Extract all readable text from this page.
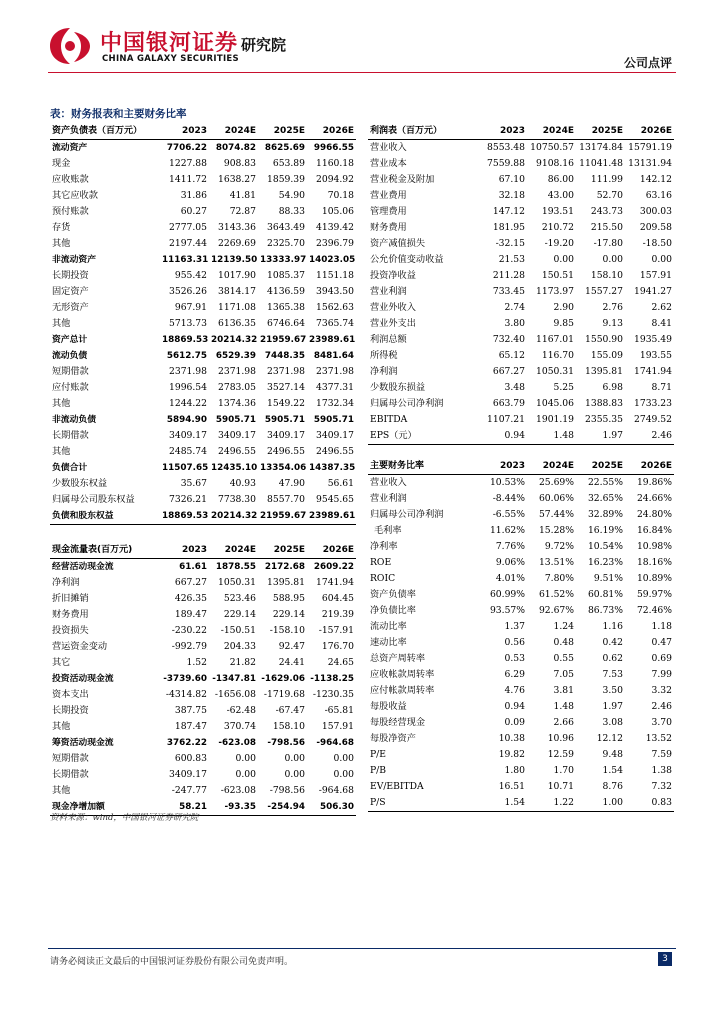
中国银河证券 研究院
CHINA GALAXY SECURITIES	公司点评
表：财务报表和主要财务比率
资产负债表（百万元）	2023	2024E	2025E	2026E
流动资产	7706.22	8074.82	8625.69	9966.55
现金	1227.88	908.83	653.89	1160.18
应收账款	1411.72	1638.27	1859.39	2094.92
其它应收款	31.86	41.81	54.90	70.18
预付账款	60.27	72.87	88.33	105.06
存货	2777.05	3143.36	3643.49	4139.42
其他	2197.44	2269.69	2325.70	2396.79
非流动资产	11163.31	12139.50	13333.97	14023.05
长期投资	955.42	1017.90	1085.37	1151.18
固定资产	3526.26	3814.17	4136.59	3943.50
无形资产	967.91	1171.08	1365.38	1562.63
其他	5713.73	6136.35	6746.64	7365.74
资产总计	18869.53	20214.32	21959.67	23989.61
流动负债	5612.75	6529.39	7448.35	8481.64
短期借款	2371.98	2371.98	2371.98	2371.98
应付账款	1996.54	2783.05	3527.14	4377.31
其他	1244.22	1374.36	1549.22	1732.34
非流动负债	5894.90	5905.71	5905.71	5905.71
长期借款	3409.17	3409.17	3409.17	3409.17
其他	2485.74	2496.55	2496.55	2496.55
负债合计	11507.65	12435.10	13354.06	14387.35
少数股东权益	35.67	40.93	47.90	56.61
归属母公司股东权益	7326.21	7738.30	8557.70	9545.65
负债和股东权益	18869.53	20214.32	21959.67	23989.61
现金流量表(百万元)	2023	2024E	2025E	2026E
经营活动现金流	61.61	1878.55	2172.68	2609.22
净利润	667.27	1050.31	1395.81	1741.94
折旧摊销	426.35	523.46	588.95	604.45
财务费用	189.47	229.14	229.14	219.39
投资损失	-230.22	-150.51	-158.10	-157.91
营运资金变动	-992.79	204.33	92.47	176.70
其它	1.52	21.82	24.41	24.65
投资活动现金流	-3739.60	-1347.81	-1629.06	-1138.25
资本支出	-4314.82	-1656.08	-1719.68	-1230.35
长期投资	387.75	-62.48	-67.47	-65.81
其他	187.47	370.74	158.10	157.91
筹资活动现金流	3762.22	-623.08	-798.56	-964.68
短期借款	600.83	0.00	0.00	0.00
长期借款	3409.17	0.00	0.00	0.00
其他	-247.77	-623.08	-798.56	-964.68
现金净增加额	58.21	-93.35	-254.94	506.30
利润表（百万元）	2023	2024E	2025E	2026E
营业收入	8553.48	10750.57	13174.84	15791.19
营业成本	7559.88	9108.16	11041.48	13131.94
营业税金及附加	67.10	86.00	111.99	142.12
营业费用	32.18	43.00	52.70	63.16
管理费用	147.12	193.51	243.73	300.03
财务费用	181.95	210.72	215.50	209.58
资产减值损失	-32.15	-19.20	-17.80	-18.50
公允价值变动收益	21.53	0.00	0.00	0.00
投资净收益	211.28	150.51	158.10	157.91
营业利润	733.45	1173.97	1557.27	1941.27
营业外收入	2.74	2.90	2.76	2.62
营业外支出	3.80	9.85	9.13	8.41
利润总额	732.40	1167.01	1550.90	1935.49
所得税	65.12	116.70	155.09	193.55
净利润	667.27	1050.31	1395.81	1741.94
少数股东损益	3.48	5.25	6.98	8.71
归属母公司净利润	663.79	1045.06	1388.83	1733.23
EBITDA	1107.21	1901.19	2355.35	2749.52
EPS（元）	0.94	1.48	1.97	2.46
主要财务比率	2023	2024E	2025E	2026E
营业收入	10.53%	25.69%	22.55%	19.86%
营业利润	-8.44%	60.06%	32.65%	24.66%
归属母公司净利润	-6.55%	57.44%	32.89%	24.80%
毛利率	11.62%	15.28%	16.19%	16.84%
净利率	7.76%	9.72%	10.54%	10.98%
ROE	9.06%	13.51%	16.23%	18.16%
ROIC	4.01%	7.80%	9.51%	10.89%
资产负债率	60.99%	61.52%	60.81%	59.97%
净负债比率	93.57%	92.67%	86.73%	72.46%
流动比率	1.37	1.24	1.16	1.18
速动比率	0.56	0.48	0.42	0.47
总资产周转率	0.53	0.55	0.62	0.69
应收帐款周转率	6.29	7.05	7.53	7.99
应付帐款周转率	4.76	3.81	3.50	3.32
每股收益	0.94	1.48	1.97	2.46
每股经营现金	0.09	2.66	3.08	3.70
每股净资产	10.38	10.96	12.12	13.52
P/E	19.82	12.59	9.48	7.59
P/B	1.80	1.70	1.54	1.38
EV/EBITDA	16.51	10.71	8.76	7.32
P/S	1.54	1.22	1.00	0.83
资料来源：wind，中国银河证券研究院
请务必阅读正文最后的中国银河证券股份有限公司免责声明。	3
